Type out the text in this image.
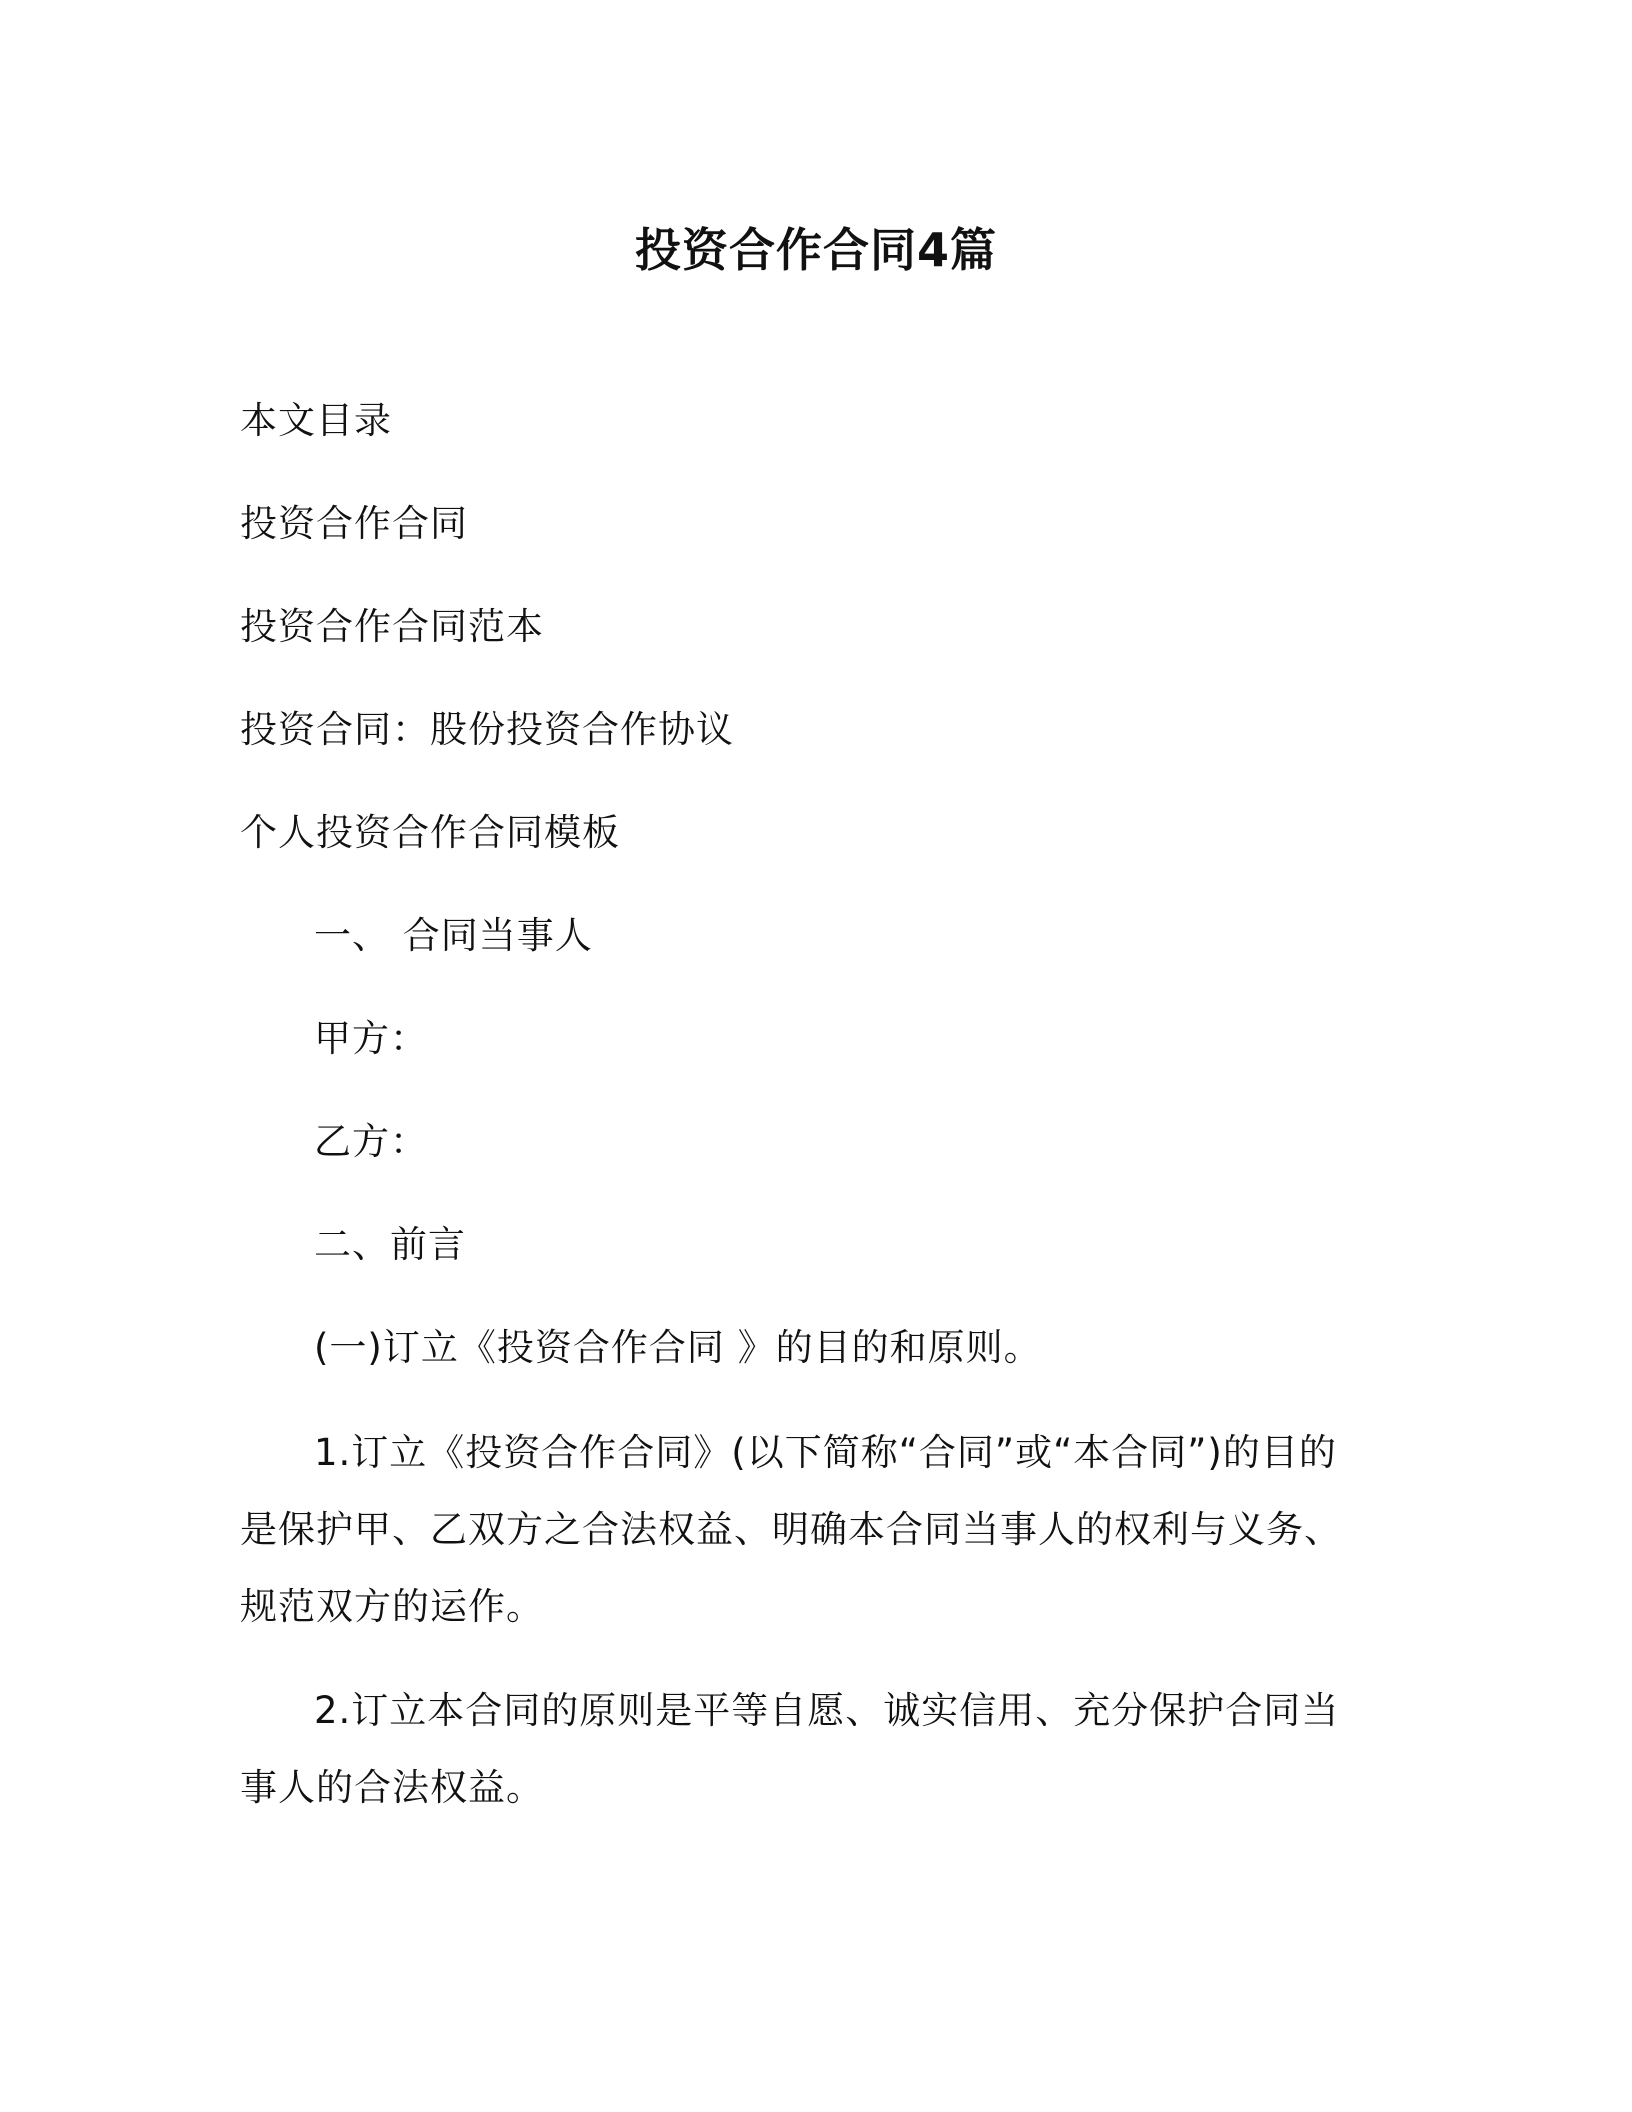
投资合作合同4篇
本文目录
投资合作合同
投资合作合同范本
投资合同：股份投资合作协议
个人投资合作合同模板
一、 合同当事人
甲方：
乙方：
二、前言
(一)订立《投资合作合同 》的目的和原则。
1.订立《投资合作合同》(以下简称“合同”或“本合同”)的目的是保护甲、乙双方之合法权益、明确本合同当事人的权利与义务、规范双方的运作。
2.订立本合同的原则是平等自愿、诚实信用、充分保护合同当事人的合法权益。
